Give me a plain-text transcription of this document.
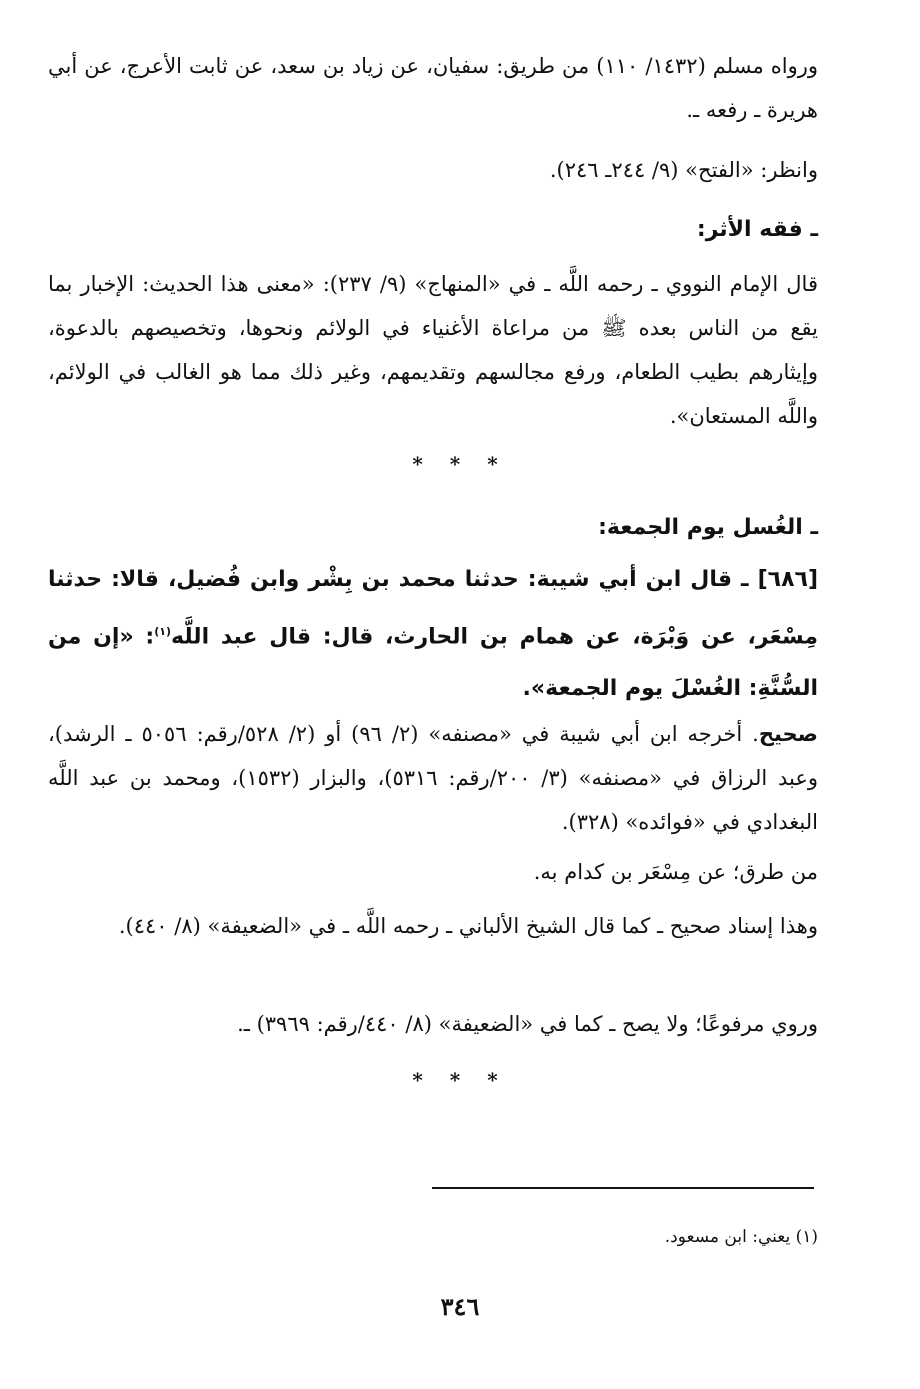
ورواه مسلم (١٤٣٢/ ١١٠) من طريق: سفيان، عن زياد بن سعد، عن ثابت الأعرج، عن أبي هريرة ـ رفعه ـ.
وانظر: «الفتح» (٩/ ٢٤٤ـ ٢٤٦).
ـ فقه الأثر:
قال الإمام النووي ـ رحمه اللَّه ـ في «المنهاج» (٩/ ٢٣٧): «معنى هذا الحديث: الإخبار بما يقع من الناس بعده ﷺ من مراعاة الأغنياء في الولائم ونحوها، وتخصيصهم بالدعوة، وإيثارهم بطيب الطعام، ورفع مجالسهم وتقديمهم، وغير ذلك مما هو الغالب في الولائم، واللَّه المستعان».
* * *
ـ الغُسل يوم الجمعة:
[٦٨٦] ـ قال ابن أبي شيبة: حدثنا محمد بن بِشْر وابن فُضيل، قالا: حدثنا مِسْعَر، عن وَبْرَة، عن همام بن الحارث، قال: قال عبد اللَّه$^{(١)}$: «إن من السُّنَّةِ: الغُسْلَ يوم الجمعة».
صحيح. أخرجه ابن أبي شيبة في «مصنفه» (٢/ ٩٦) أو (٢/ ٥٢٨/رقم: ٥٠٥٦ ـ الرشد)، وعبد الرزاق في «مصنفه» (٣/ ٢٠٠/رقم: ٥٣١٦)، والبزار (١٥٣٢)، ومحمد بن عبد اللَّه البغدادي في «فوائده» (٣٢٨).
من طرق؛ عن مِسْعَر بن كدام به.
وهذا إسناد صحيح ـ كما قال الشيخ الألباني ـ رحمه اللَّه ـ في «الضعيفة» (٨/ ٤٤٠).
وروي مرفوعًا؛ ولا يصح ـ كما في «الضعيفة» (٨/ ٤٤٠/رقم: ٣٩٦٩) ـ.
* * *
(١) يعني: ابن مسعود.
٣٤٦
